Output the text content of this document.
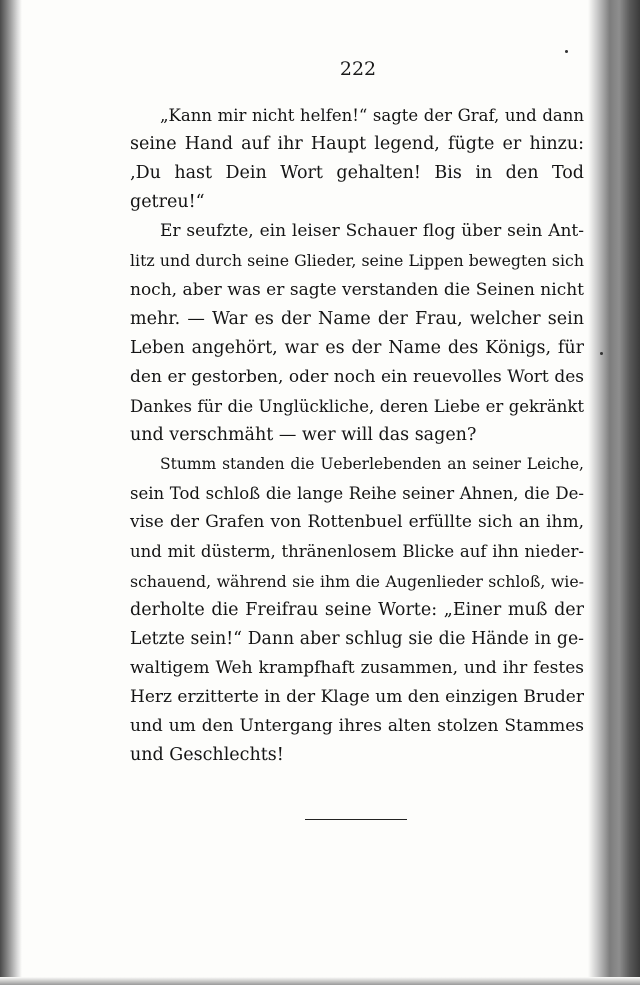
222
„Kann mir nicht helfen!“ sagte der Graf, und dann
seine Hand auf ihr Haupt legend, fügte er hinzu:
‚Du hast Dein Wort gehalten! Bis in den Tod
getreu!“
Er seufzte, ein leiser Schauer flog über sein Ant-
litz und durch seine Glieder, seine Lippen bewegten sich
noch, aber was er sagte verstanden die Seinen nicht
mehr. — War es der Name der Frau, welcher sein
Leben angehört, war es der Name des Königs, für
den er gestorben, oder noch ein reuevolles Wort des
Dankes für die Unglückliche, deren Liebe er gekränkt
und verschmäht — wer will das sagen?
Stumm standen die Ueberlebenden an seiner Leiche,
sein Tod schloß die lange Reihe seiner Ahnen, die De-
vise der Grafen von Rottenbuel erfüllte sich an ihm,
und mit düsterm, thränenlosem Blicke auf ihn nieder-
schauend, während sie ihm die Augenlieder schloß, wie-
derholte die Freifrau seine Worte: „Einer muß der
Letzte sein!“ Dann aber schlug sie die Hände in ge-
waltigem Weh krampfhaft zusammen, und ihr festes
Herz erzitterte in der Klage um den einzigen Bruder
und um den Untergang ihres alten stolzen Stammes
und Geschlechts!
